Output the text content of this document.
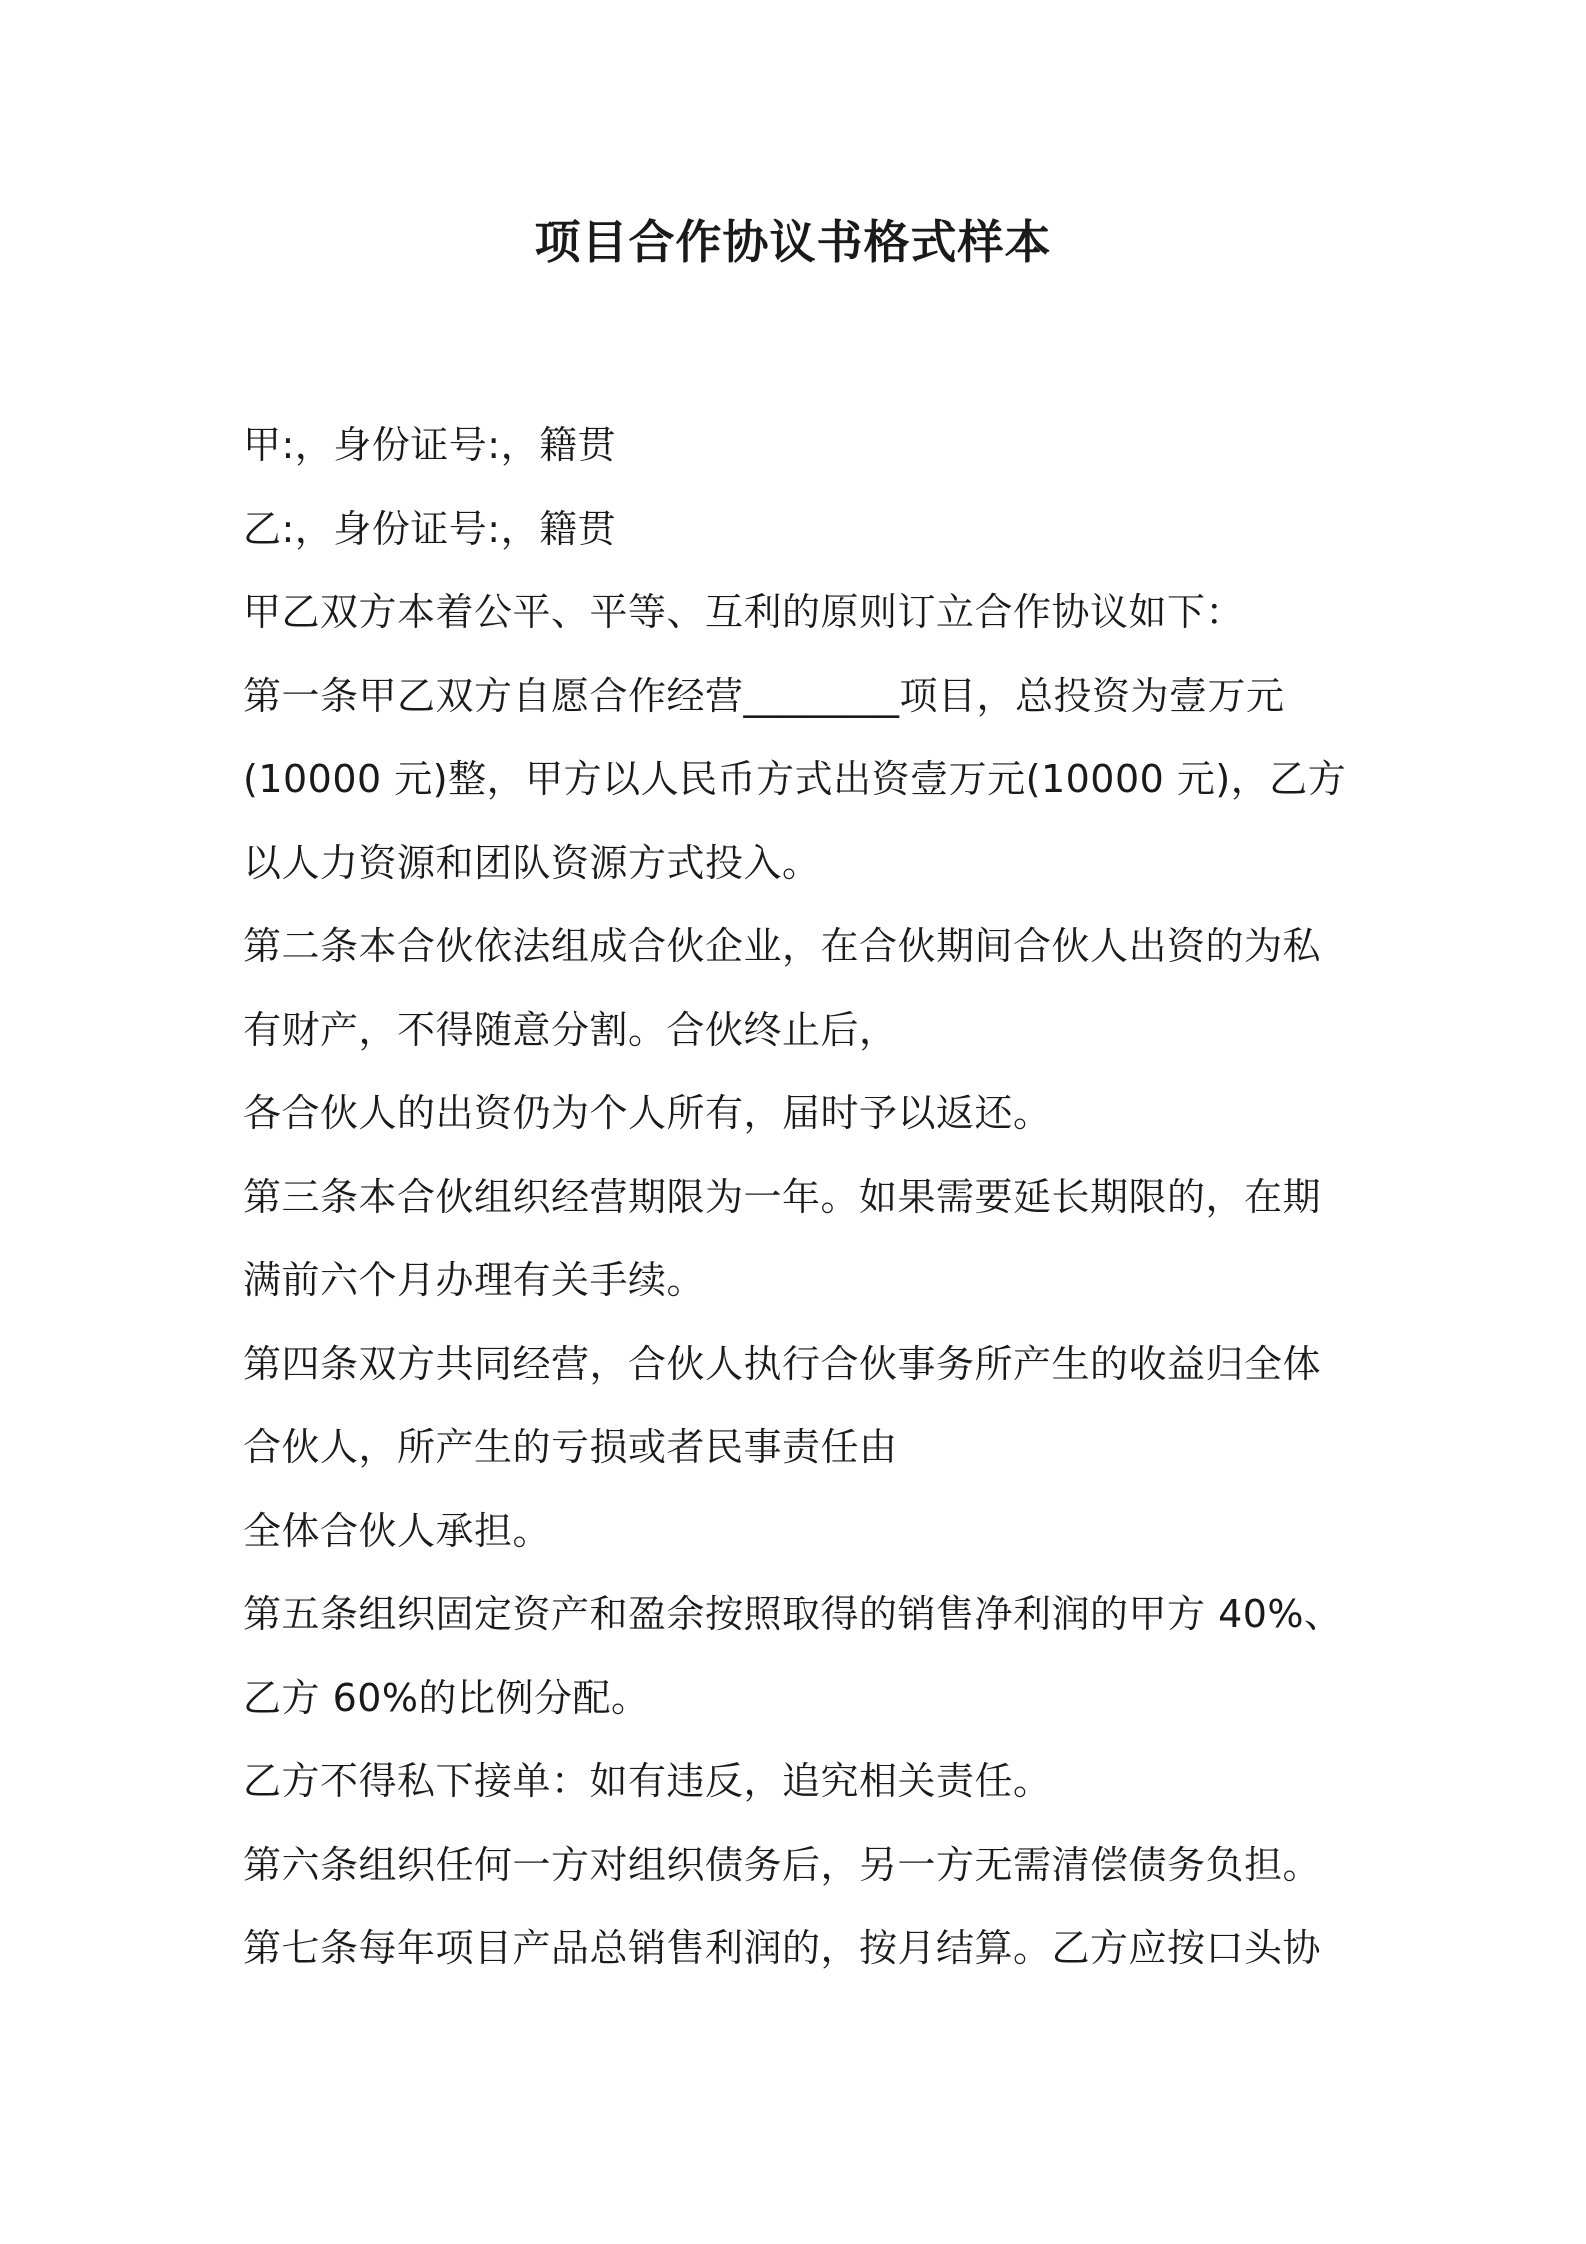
项目合作协议书格式样本
甲:，身份证号:，籍贯
乙:，身份证号:，籍贯
甲乙双方本着公平、平等、互利的原则订立合作协议如下：
第一条甲乙双方自愿合作经营________项目，总投资为壹万元
(10000 元)整，甲方以人民币方式出资壹万元(10000 元)，乙方
以人力资源和团队资源方式投入。
第二条本合伙依法组成合伙企业，在合伙期间合伙人出资的为私
有财产，不得随意分割。合伙终止后，
各合伙人的出资仍为个人所有，届时予以返还。
第三条本合伙组织经营期限为一年。如果需要延长期限的，在期
满前六个月办理有关手续。
第四条双方共同经营，合伙人执行合伙事务所产生的收益归全体
合伙人，所产生的亏损或者民事责任由
全体合伙人承担。
第五条组织固定资产和盈余按照取得的销售净利润的甲方 40%、
乙方 60%的比例分配。
乙方不得私下接单：如有违反，追究相关责任。
第六条组织任何一方对组织债务后，另一方无需清偿债务负担。
第七条每年项目产品总销售利润的，按月结算。乙方应按口头协
